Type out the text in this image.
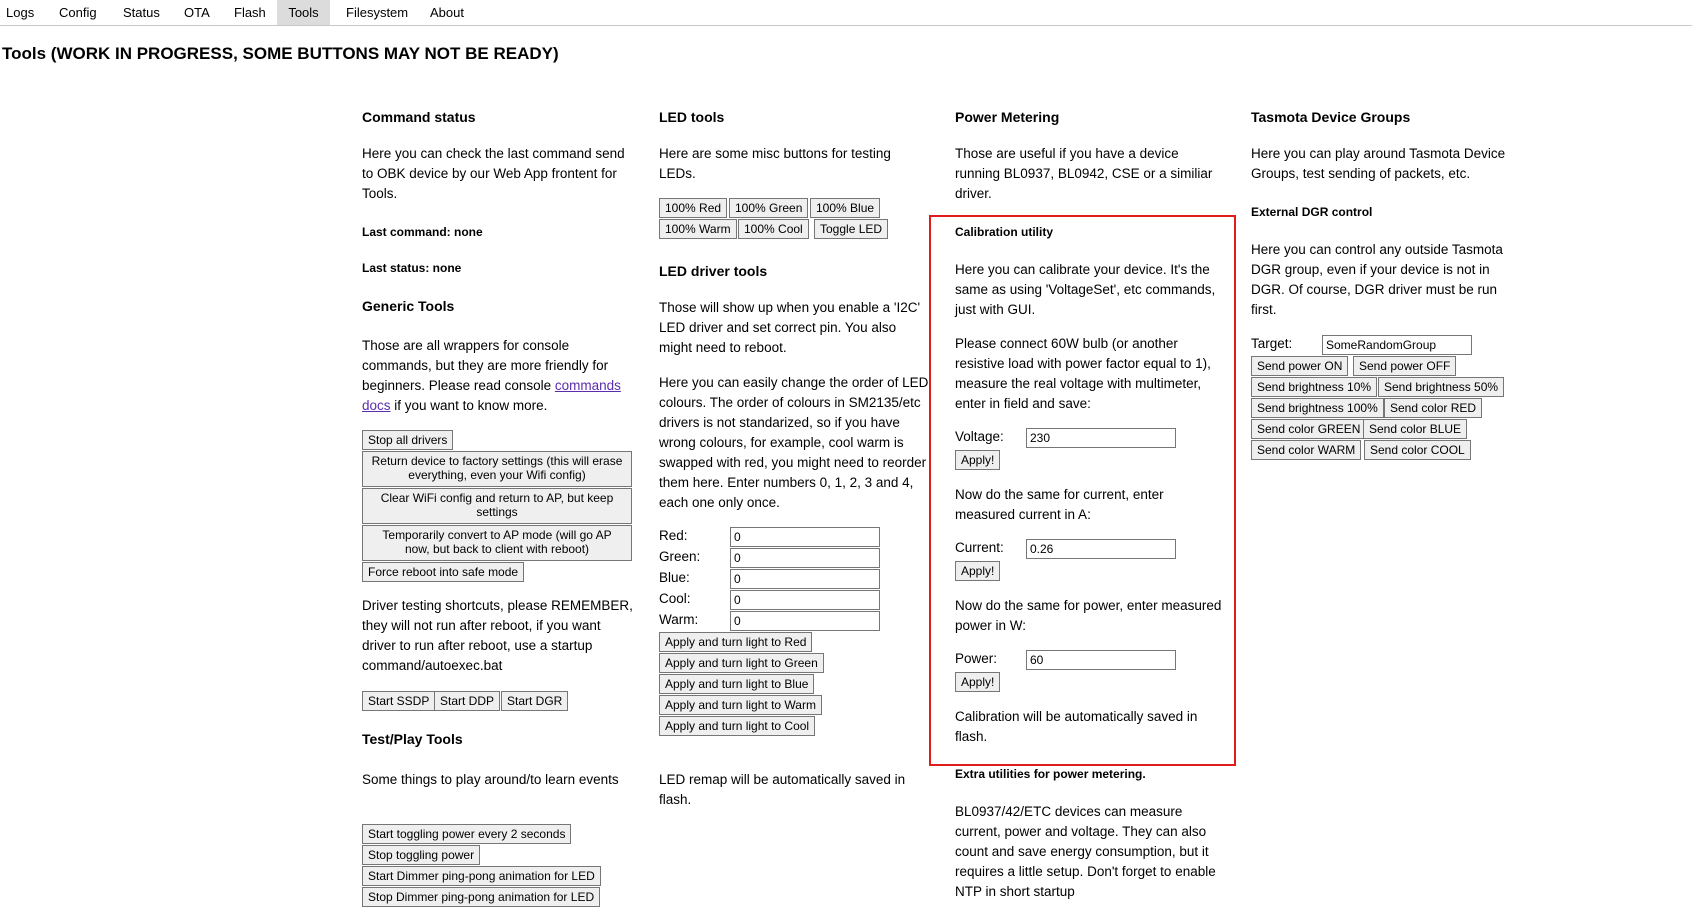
Logs	Config	Status	OTA	Flash	Tools	Filesystem	About
Tools (WORK IN PROGRESS, SOME BUTTONS MAY NOT BE READY)
Command status

Here you can check the last command send to OBK device by our Web App frontent for Tools.

Last command: none
Last status: none
Generic Tools

Those are all wrappers for console commands, but they are more friendly for beginners. Please read console commands docs if you want to know more.

Stop all drivers
Return device to factory settings (this will erase everything, even your Wifi config)
Clear WiFi config and return to AP, but keep settings
Temporarily convert to AP mode (will go AP now, but back to client with reboot)
Force reboot into safe mode

Driver testing shortcuts, please REMEMBER, they will not run after reboot, if you want driver to run after reboot, use a startup command/autoexec.bat

Start SSDP Start DDP	Start DGR
Test/Play Tools

Some things to play around/to learn events

Start toggling power every 2 seconds
Stop toggling power
Start Dimmer ping-pong animation for LED
Stop Dimmer ping-pong animation for LED
LED tools

Here are some misc buttons for testing LEDs.

100% Red	100% Green	100% Blue
100% Warm	100% Cool	Toggle LED
LED driver tools

Those will show up when you enable a 'I2C' LED driver and set correct pin. You also might need to reboot.

Here you can easily change the order of LED colours. The order of colours in SM2135/etc drivers is not standarized, so if you have wrong colours, for example, cool warm is swapped with red, you might need to reorder them here. Enter numbers 0, 1, 2, 3 and 4, each one only once.

Red:	0
Green:	0
Blue:	0
Cool:	0
Warm:	0
Apply and turn light to Red
Apply and turn light to Green
Apply and turn light to Blue
Apply and turn light to Warm
Apply and turn light to Cool

LED remap will be automatically saved in flash.

Power Metering

Those are useful if you have a device running BL0937, BL0942, CSE or a similiar driver.

Calibration utility

Here you can calibrate your device. It's the same as using 'VoltageSet', etc commands, just with GUI.

Please connect 60W bulb (or another resistive load with power factor equal to 1), measure the real voltage with multimeter, enter in field and save:

Voltage:	230
Apply!

Now do the same for current, enter measured current in A:

Current:	0.26
Apply!

Now do the same for power, enter measured power in W:

Power:	60
Apply!

Calibration will be automatically saved in flash.

Extra utilities for power metering.

BL0937/42/ETC devices can measure current, power and voltage. They can also count and save energy consumption, but it requires a little setup. Don't forget to enable NTP in short startup

Tasmota Device Groups

Here you can play around Tasmota Device Groups, test sending of packets, etc.

External DGR control

Here you can control any outside Tasmota DGR group, even if your device is not in DGR. Of course, DGR driver must be run first.

Target:	SomeRandomGroup
Send power ON	Send power OFF
Send brightness 10%	Send brightness 50%
Send brightness 100%	Send color RED
Send color GREEN Send color BLUE
Send color WARM	Send color COOL
